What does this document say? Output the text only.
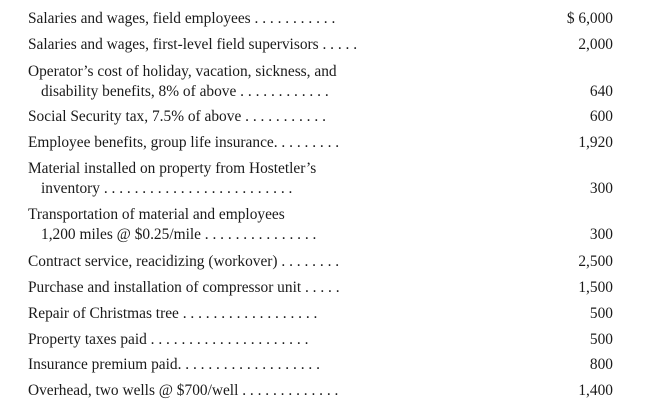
Salaries and wages, field employees . . . . . . . . . . .	$ 6,000
Salaries and wages, first-level field supervisors . . . . .	2,000
Operator’s cost of holiday, vacation, sickness, and
disability benefits, 8% of above . . . . . . . . . . . .	640
Social Security tax, 7.5% of above . . . . . . . . . . .	600
Employee benefits, group life insurance. . . . . . . . .	1,920
Material installed on property from Hostetler’s
inventory . . . . . . . . . . . . . . . . . . . . . . . . .	300
Transportation of material and employees
1,200 miles @ $0.25/mile . . . . . . . . . . . . . . .	300
Contract service, reacidizing (workover) . . . . . . . .	2,500
Purchase and installation of compressor unit . . . . .	1,500
Repair of Christmas tree . . . . . . . . . . . . . . . . . .	500
Property taxes paid . . . . . . . . . . . . . . . . . . . . .	500
Insurance premium paid. . . . . . . . . . . . . . . . . . .	800
Overhead, two wells @ $700/well . . . . . . . . . . . . .	1,400
